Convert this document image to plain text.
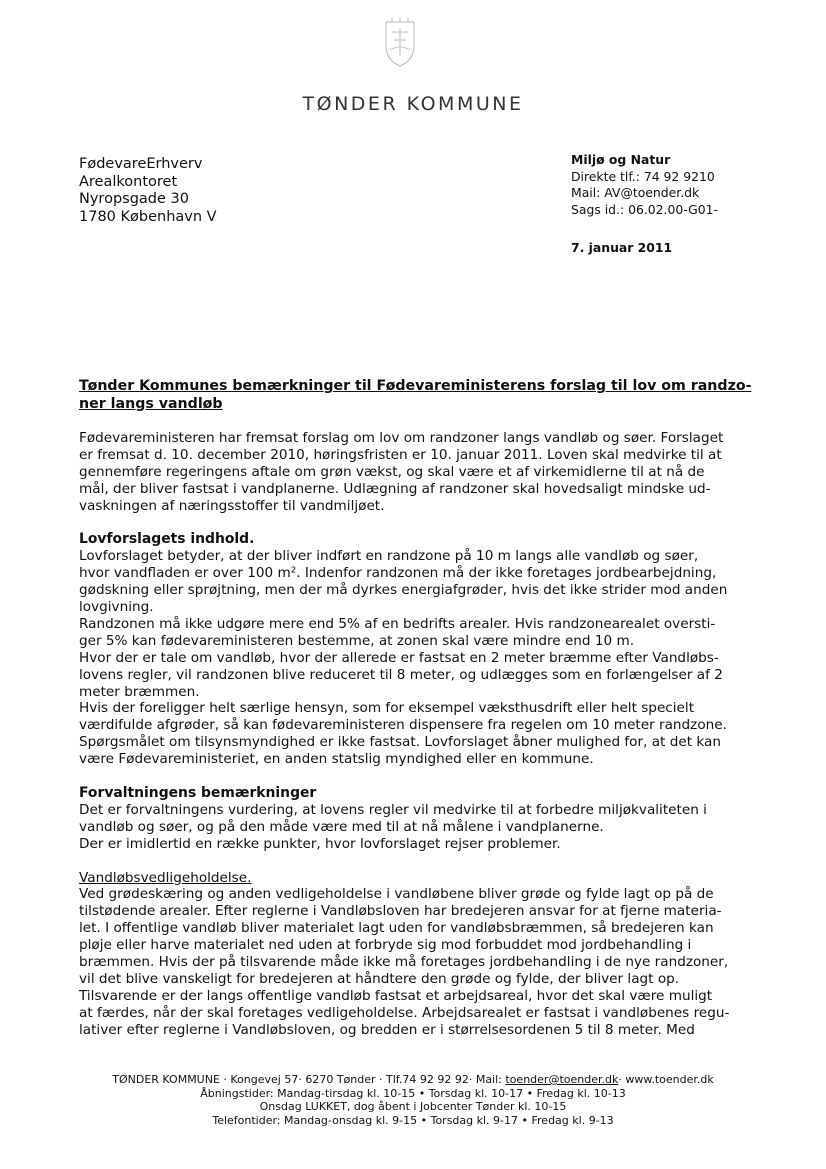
TØNDER KOMMUNE
FødevareErhverv
Arealkontoret
Nyropsgade 30
1780 København V
Miljø og Natur
Direkte tlf.: 74 92 9210
Mail: AV@toender.dk
Sags id.: 06.02.00-G01-
7. januar 2011
Tønder Kommunes bemærkninger til Fødevareministerens forslag til lov om randzo-
ner langs vandløb

Fødevareministeren har fremsat forslag om lov om randzoner langs vandløb og søer. Forslaget

er fremsat d. 10. december 2010, høringsfristen er 10. januar 2011. Loven skal medvirke til at

gennemføre regeringens aftale om grøn vækst, og skal være et af virkemidlerne til at nå de

mål, der bliver fastsat i vandplanerne. Udlægning af randzoner skal hovedsaligt mindske ud-

vaskningen af næringsstoffer til vandmiljøet.

Lovforslagets indhold.

Lovforslaget betyder, at der bliver indført en randzone på 10 m langs alle vandløb og søer,

hvor vandfladen er over 100 m². Indenfor randzonen må der ikke foretages jordbearbejdning,

gødskning eller sprøjtning, men der må dyrkes energiafgrøder, hvis det ikke strider mod anden

lovgivning.

Randzonen må ikke udgøre mere end 5% af en bedrifts arealer. Hvis randzonearealet oversti-

ger 5% kan fødevareministeren bestemme, at zonen skal være mindre end 10 m.

Hvor der er tale om vandløb, hvor der allerede er fastsat en 2 meter bræmme efter Vandløbs-

lovens regler, vil randzonen blive reduceret til 8 meter, og udlægges som en forlængelser af 2

meter bræmmen.

Hvis der foreligger helt særlige hensyn, som for eksempel væksthusdrift eller helt specielt

værdifulde afgrøder, så kan fødevareministeren dispensere fra regelen om 10 meter randzone.

Spørgsmålet om tilsynsmyndighed er ikke fastsat. Lovforslaget åbner mulighed for, at det kan

være Fødevareministeriet, en anden statslig myndighed eller en kommune.

Forvaltningens bemærkninger

Det er forvaltningens vurdering, at lovens regler vil medvirke til at forbedre miljøkvaliteten i

vandløb og søer, og på den måde være med til at nå målene i vandplanerne.

Der er imidlertid en række punkter, hvor lovforslaget rejser problemer.

Vandløbsvedligeholdelse.

Ved grødeskæring og anden vedligeholdelse i vandløbene bliver grøde og fylde lagt op på de

tilstødende arealer. Efter reglerne i Vandløbsloven har bredejeren ansvar for at fjerne materia-

let. I offentlige vandløb bliver materialet lagt uden for vandløbsbræmmen, så bredejeren kan

pløje eller harve materialet ned uden at forbryde sig mod forbuddet mod jordbehandling i

bræmmen. Hvis der på tilsvarende måde ikke må foretages jordbehandling i de nye randzoner,

vil det blive vanskeligt for bredejeren at håndtere den grøde og fylde, der bliver lagt op.

Tilsvarende er der langs offentlige vandløb fastsat et arbejdsareal, hvor det skal være muligt

at færdes, når der skal foretages vedligeholdelse. Arbejdsarealet er fastsat i vandløbenes regu-

lativer efter reglerne i Vandløbsloven, og bredden er i størrelsesordenen 5 til 8 meter. Med

TØNDER KOMMUNE · Kongevej 57· 6270 Tønder · Tlf.74 92 92 92· Mail: toender@toender.dk· www.toender.dk
Åbningstider: Mandag-tirsdag kl. 10-15 • Torsdag kl. 10-17 • Fredag kl. 10-13
Onsdag LUKKET, dog åbent i Jobcenter Tønder kl. 10-15
Telefontider: Mandag-onsdag kl. 9-15 • Torsdag kl. 9-17 • Fredag kl. 9-13
